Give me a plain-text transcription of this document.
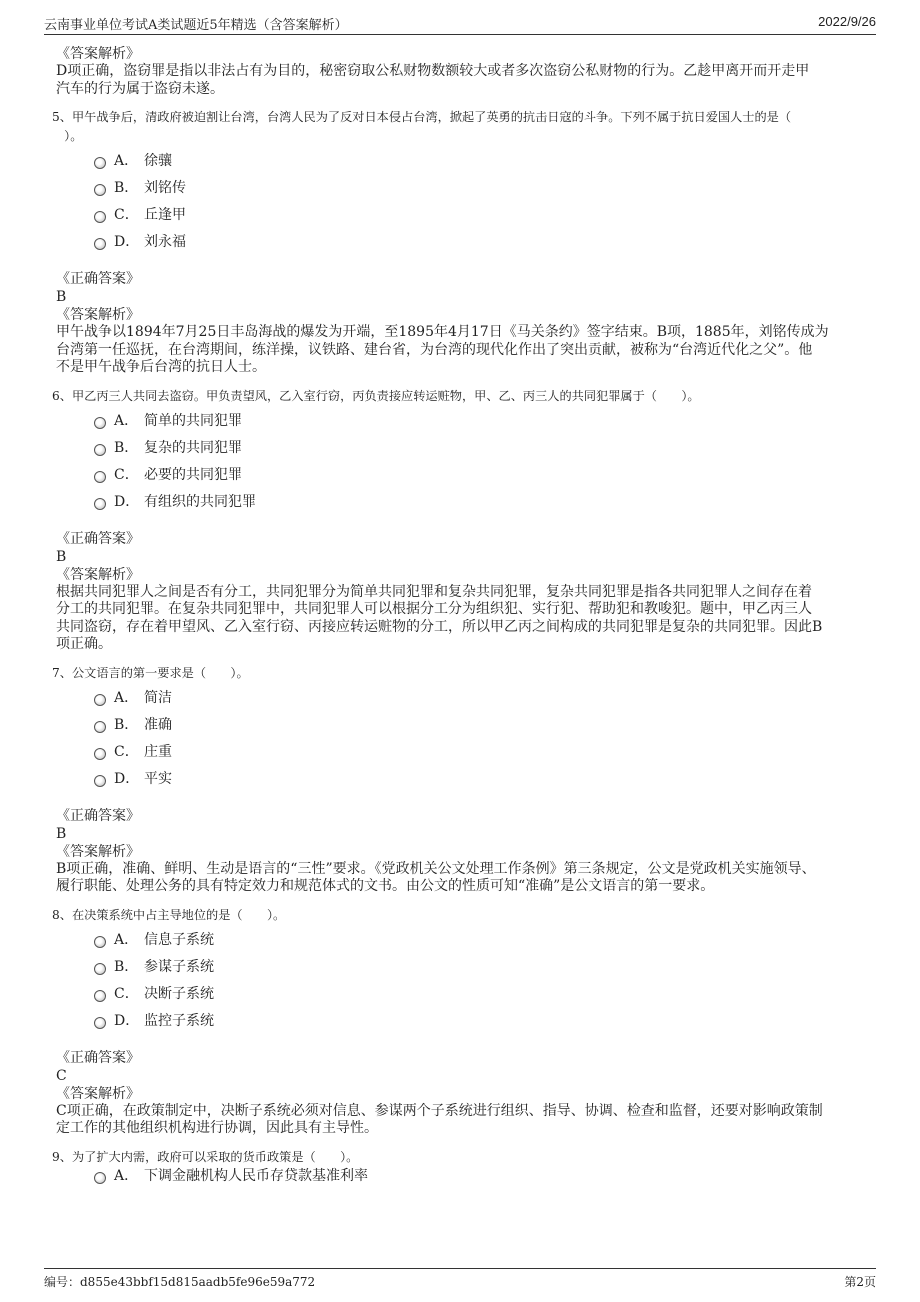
云南事业单位考试A类试题近5年精选（含答案解析）	2022/9/26
《答案解析》
D项正确，盗窃罪是指以非法占有为目的，秘密窃取公私财物数额较大或者多次盗窃公私财物的行为。乙趁甲离开而开走甲
汽车的行为属于盗窃未遂。
5、甲午战争后，清政府被迫割让台湾，台湾人民为了反对日本侵占台湾，掀起了英勇的抗击日寇的斗争。下列不属于抗日爱国人士的是（
　）。
A． 徐骧
B． 刘铭传
C． 丘逢甲
D． 刘永福
《正确答案》
B
《答案解析》
甲午战争以1894年7月25日丰岛海战的爆发为开端，至1895年4月17日《马关条约》签字结束。B项，1885年，刘铭传成为
台湾第一任巡抚，在台湾期间，练洋操，议铁路、建台省，为台湾的现代化作出了突出贡献，被称为“台湾近代化之父”。他
不是甲午战争后台湾的抗日人士。
6、甲乙丙三人共同去盗窃。甲负责望风，乙入室行窃，丙负责接应转运赃物，甲、乙、丙三人的共同犯罪属于（　　）。
A． 简单的共同犯罪
B． 复杂的共同犯罪
C． 必要的共同犯罪
D． 有组织的共同犯罪
《正确答案》
B
《答案解析》
根据共同犯罪人之间是否有分工，共同犯罪分为简单共同犯罪和复杂共同犯罪，复杂共同犯罪是指各共同犯罪人之间存在着
分工的共同犯罪。在复杂共同犯罪中，共同犯罪人可以根据分工分为组织犯、实行犯、帮助犯和教唆犯。题中，甲乙丙三人
共同盗窃，存在着甲望风、乙入室行窃、丙接应转运赃物的分工，所以甲乙丙之间构成的共同犯罪是复杂的共同犯罪。因此B
项正确。
7、公文语言的第一要求是（　　）。
A． 简洁
B． 准确
C． 庄重
D． 平实
《正确答案》
B
《答案解析》
B项正确，准确、鲜明、生动是语言的“三性”要求。《党政机关公文处理工作条例》第三条规定，公文是党政机关实施领导、
履行职能、处理公务的具有特定效力和规范体式的文书。由公文的性质可知“准确”是公文语言的第一要求。
8、在决策系统中占主导地位的是（　　）。
A． 信息子系统
B． 参谋子系统
C． 决断子系统
D． 监控子系统
《正确答案》
C
《答案解析》
C项正确，在政策制定中，决断子系统必须对信息、参谋两个子系统进行组织、指导、协调、检查和监督，还要对影响政策制
定工作的其他组织机构进行协调，因此具有主导性。
9、为了扩大内需，政府可以采取的货币政策是（　　）。
A． 下调金融机构人民币存贷款基准利率
编号：d855e43bbf15d815aadb5fe96e59a772	第2页
